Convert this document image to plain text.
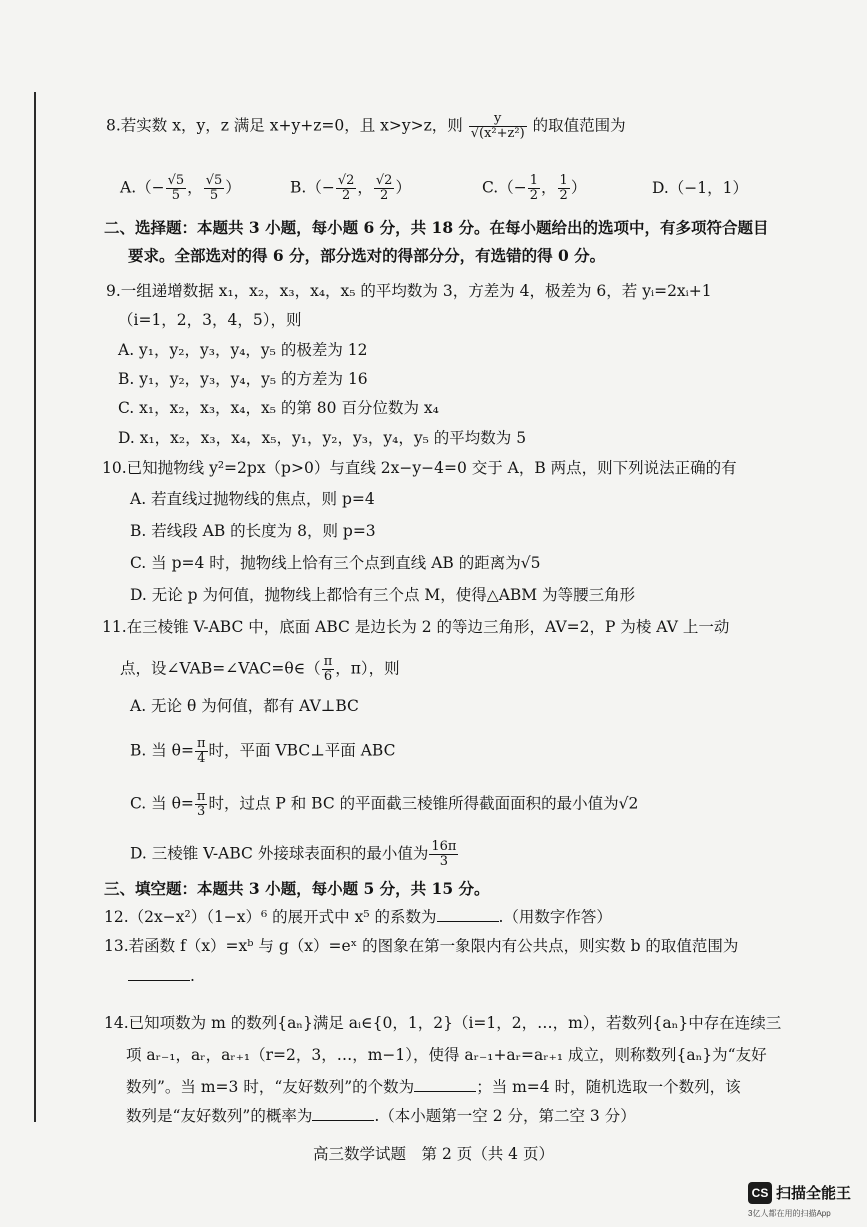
8.若实数 x，y，z 满足 x+y+z=0，且 x>y>z，则 $\frac{y}{\text{√(x²+z²)}}$ 的取值范围为
$A.(- \frac{√5}{5}$ ， $\frac{√5}{5}$ ）	$B.(- \frac{√2}{2}$ ， $\frac{√2}{2}$ ）	$C.(- \frac{1}{2}$ ， $\frac{1}{2}$ ）	D.（−1，1）
二、选择题：本题共 3 小题，每小题 6 分，共 18 分。在每小题给出的选项中，有多项符合题目
要求。全部选对的得 6 分，部分选对的得部分分，有选错的得 0 分。
9.一组递增数据 x₁，x₂，x₃，x₄，x₅ 的平均数为 3，方差为 4，极差为 6，若 yᵢ=2xᵢ+1
（i=1，2，3，4，5），则
A. y₁，y₂，y₃，y₄，y₅ 的极差为 12
B. y₁，y₂，y₃，y₄，y₅ 的方差为 16
C. x₁，x₂，x₃，x₄，x₅ 的第 80 百分位数为 x₄
D. x₁，x₂，x₃，x₄，x₅，y₁，y₂，y₃，y₄，y₅ 的平均数为 5
10.已知抛物线 y²=2px（p>0）与直线 2x−y−4=0 交于 A，B 两点，则下列说法正确的有
A. 若直线过抛物线的焦点，则 p=4
B. 若线段 AB 的长度为 8，则 p=3
C. 当 p=4 时，抛物线上恰有三个点到直线 AB 的距离为√5
D. 无论 p 为何值，抛物线上都恰有三个点 M，使得△ABM 为等腰三角形
11.在三棱锥 V-ABC 中，底面 ABC 是边长为 2 的等边三角形，AV=2，P 为棱 AV 上一动
点，设∠VAB=∠VAC=θ∈（ $\frac{\pi}{6}$ ，π），则
A. 无论 θ 为何值，都有 AV⊥BC
B. 当 $\theta= \frac{\pi}{4}$ 时，平面 VBC⊥平面 ABC
C. 当 $\theta= \frac{\pi}{3}$ 时，过点 P 和 BC 的平面截三棱锥所得截面面积的最小值为√2
D. 三棱锥 V-ABC 外接球表面积的最小值为 $\frac{16\pi}{3}$
三、填空题：本题共 3 小题，每小题 5 分，共 15 分。
12.（2x−x²）（1−x）⁶ 的展开式中 x⁵ 的系数为	.（用数字作答）
13.若函数 f（x）=xᵇ 与 g（x）=eˣ 的图象在第一象限内有公共点，则实数 b 的取值范围为
.
14.已知项数为 m 的数列{aₙ}满足 aᵢ∈{0，1，2}（i=1，2，…，m），若数列{aₙ}中存在连续三
项 aᵣ₋₁，aᵣ，aᵣ₊₁（r=2，3，…，m−1），使得 aᵣ₋₁+aᵣ=aᵣ₊₁ 成立，则称数列{aₙ}为“友好
数列”。当 m=3 时，“友好数列”的个数为	；当 m=4 时，随机选取一个数列，该
数列是“友好数列”的概率为	.（本小题第一空 2 分，第二空 3 分）
高三数学试题　第 2 页（共 4 页）
CS 扫描全能王
3亿人都在用的扫描App
